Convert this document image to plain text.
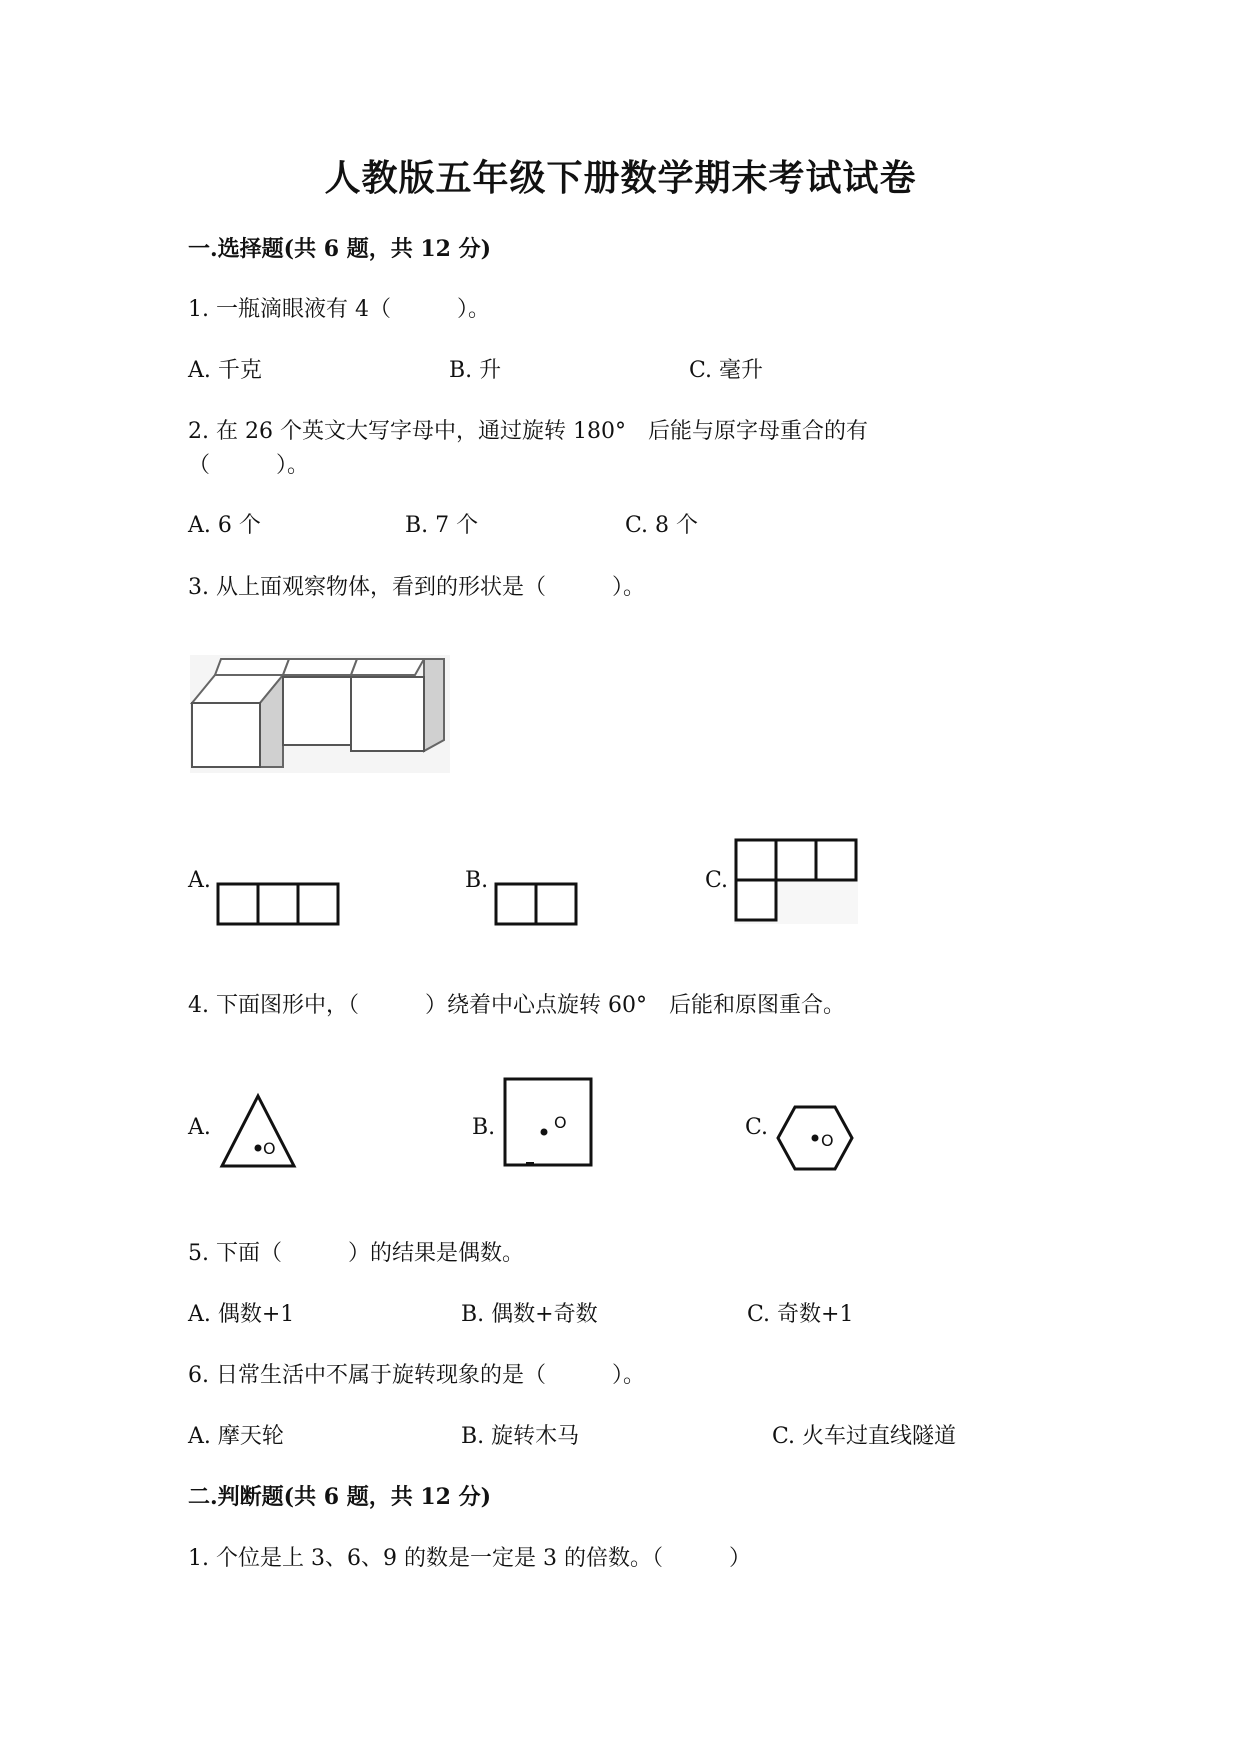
人教版五年级下册数学期末考试试卷
一.选择题(共 6 题，共 12 分)
1. 一瓶滴眼液有 4（　　　）。
A. 千克	B. 升	C. 毫升
2. 在 26 个英文大写字母中，通过旋转 180°　后能与原字母重合的有
（　　　）。
A. 6 个	B. 7 个	C. 8 个
3. 从上面观察物体，看到的形状是（　　　）。
A.	B.	C.
4. 下面图形中，（　　　）绕着中心点旋转 60°　后能和原图重合。
A.
O
B.	O	C.
O
5. 下面（　　　）的结果是偶数。
A. 偶数+1	B. 偶数+奇数	C. 奇数+1
6. 日常生活中不属于旋转现象的是（　　　）。
A. 摩天轮	B. 旋转木马	C. 火车过直线隧道
二.判断题(共 6 题，共 12 分)
1. 个位是上 3、6、9 的数是一定是 3 的倍数。（　　　）
